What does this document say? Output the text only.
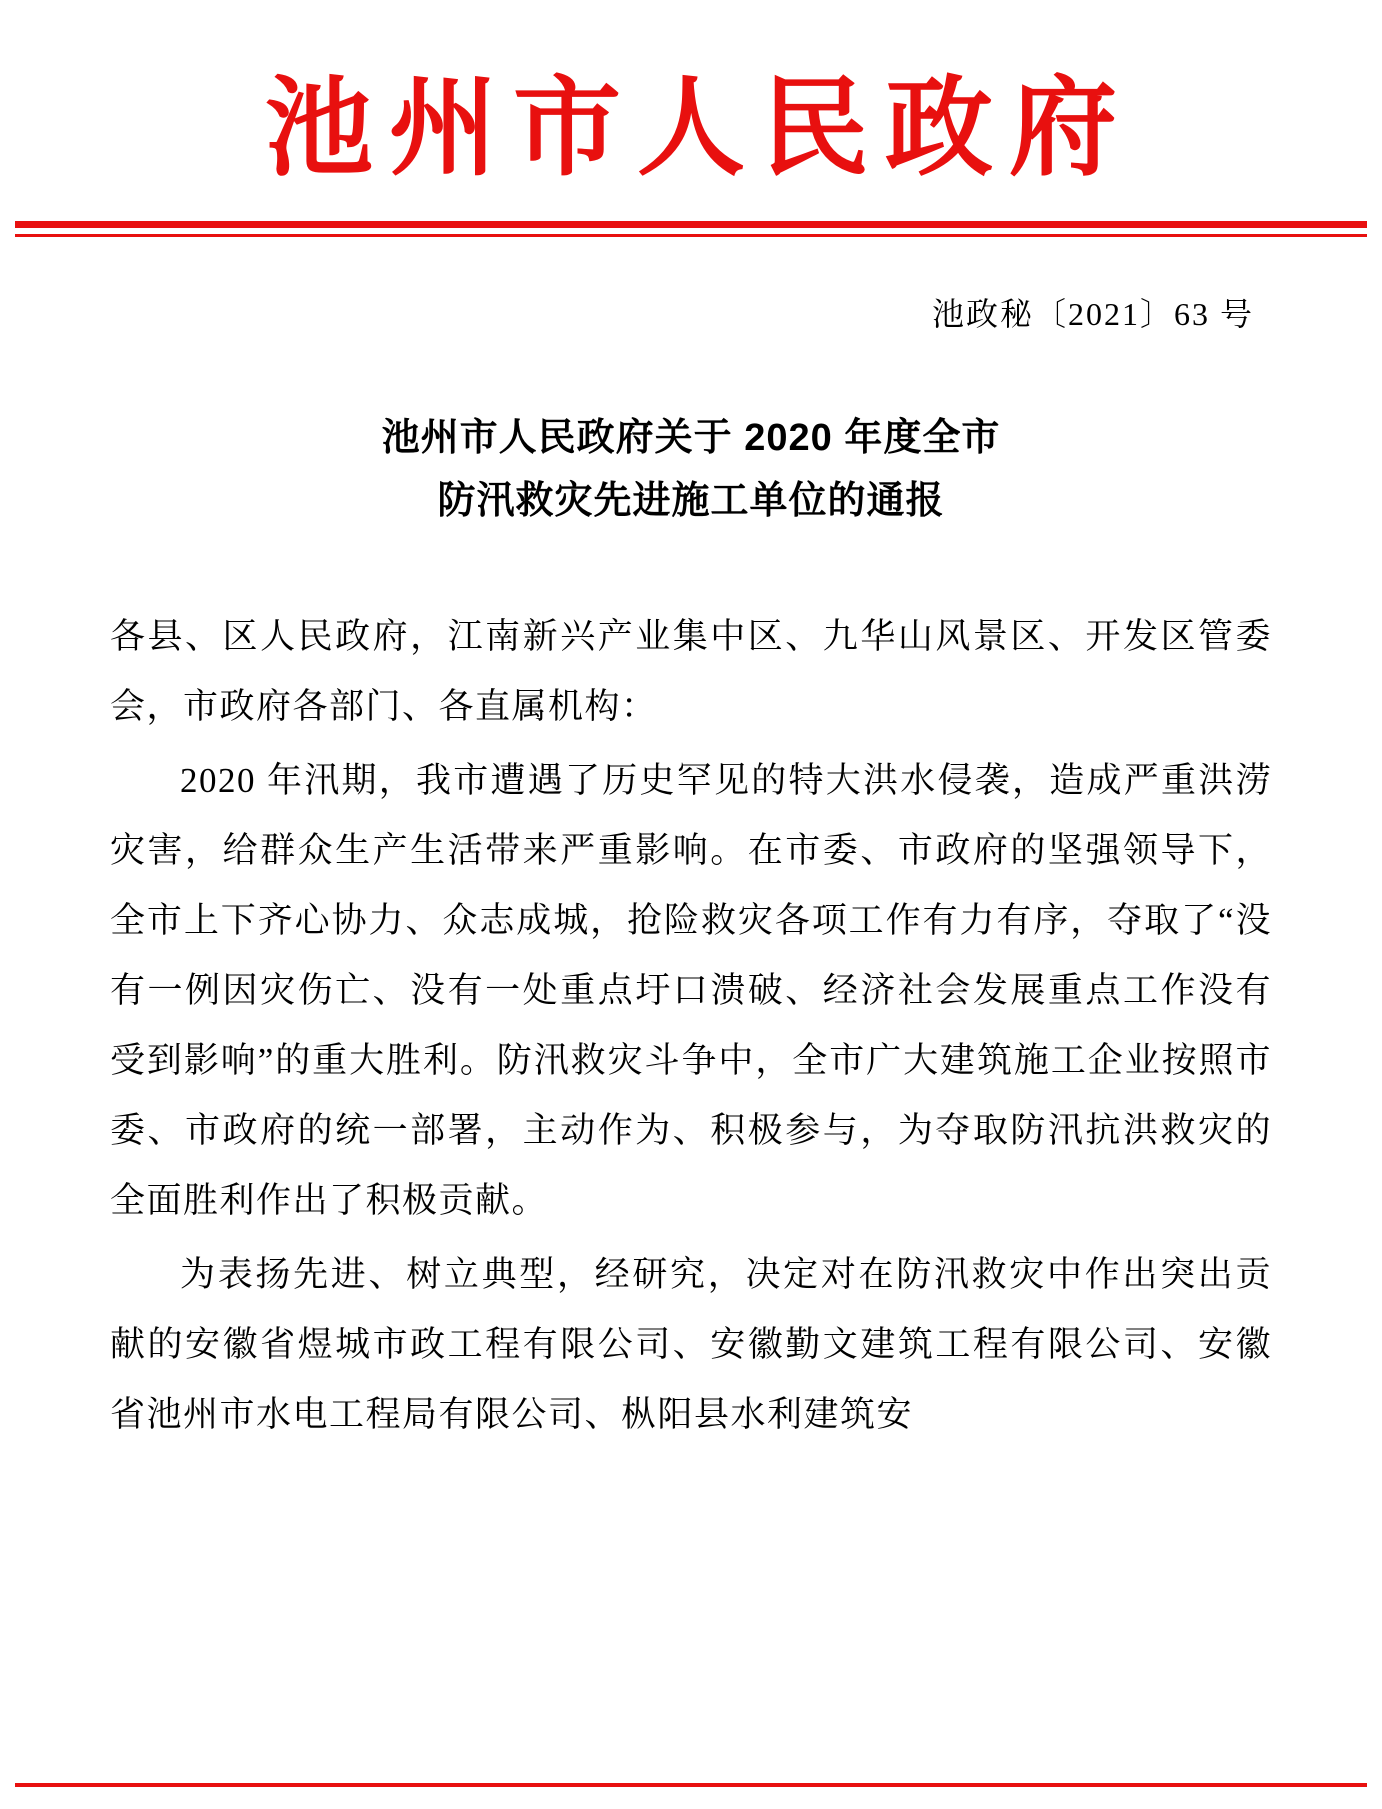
池州市人民政府
池政秘〔2021〕63 号
池州市人民政府关于 2020 年度全市
防汛救灾先进施工单位的通报

各县、区人民政府，江南新兴产业集中区、九华山风景区、开发区管委会，市政府各部门、各直属机构：

2020 年汛期，我市遭遇了历史罕见的特大洪水侵袭，造成严重洪涝灾害，给群众生产生活带来严重影响。在市委、市政府的坚强领导下，全市上下齐心协力、众志成城，抢险救灾各项工作有力有序，夺取了“没有一例因灾伤亡、没有一处重点圩口溃破、经济社会发展重点工作没有受到影响”的重大胜利。防汛救灾斗争中，全市广大建筑施工企业按照市委、市政府的统一部署，主动作为、积极参与，为夺取防汛抗洪救灾的全面胜利作出了积极贡献。

为表扬先进、树立典型，经研究，决定对在防汛救灾中作出突出贡献的安徽省煜城市政工程有限公司、安徽勤文建筑工程有限公司、安徽省池州市水电工程局有限公司、枞阳县水利建筑安
